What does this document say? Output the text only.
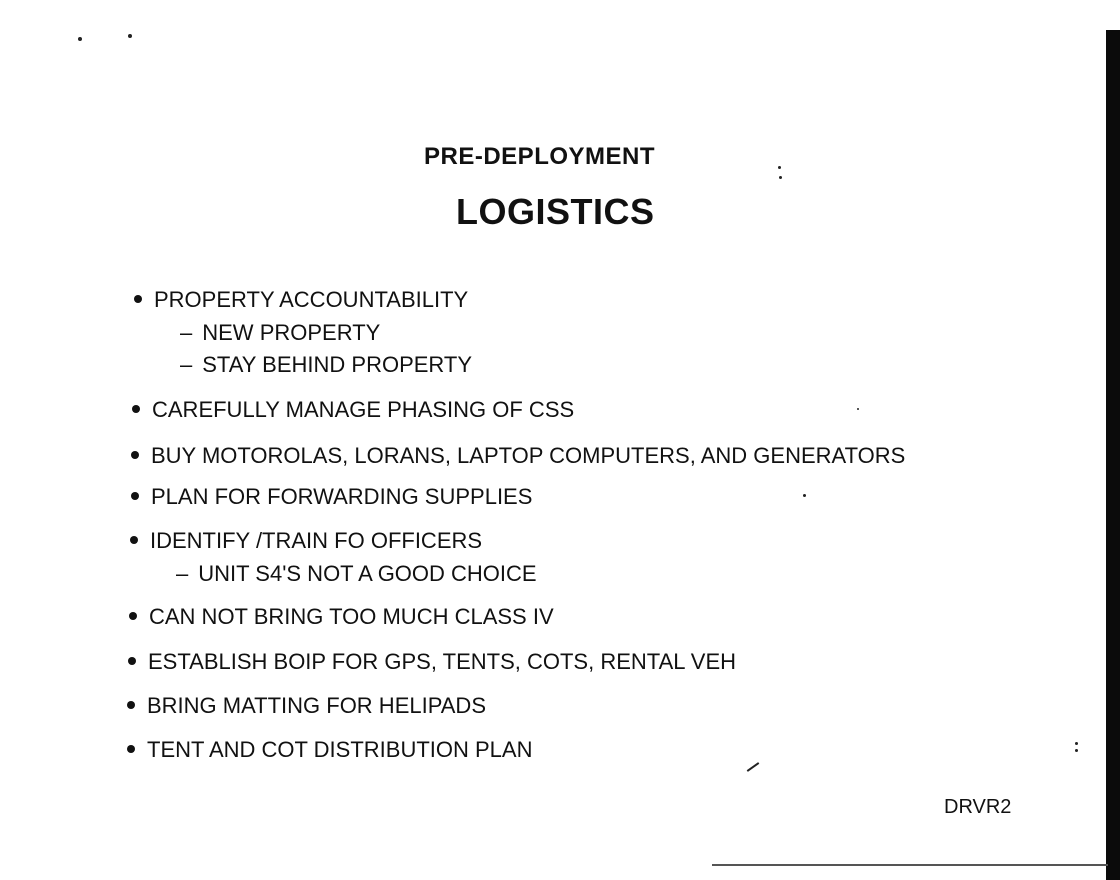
PRE-DEPLOYMENT
LOGISTICS
PROPERTY ACCOUNTABILITY
– NEW PROPERTY
– STAY BEHIND PROPERTY
CAREFULLY MANAGE PHASING OF CSS
BUY MOTOROLAS, LORANS, LAPTOP COMPUTERS, AND GENERATORS
PLAN FOR FORWARDING SUPPLIES
IDENTIFY /TRAIN FO OFFICERS
– UNIT S4'S NOT A GOOD CHOICE
CAN NOT BRING TOO MUCH CLASS IV
ESTABLISH BOIP FOR GPS, TENTS, COTS, RENTAL VEH
BRING MATTING FOR HELIPADS
TENT AND COT DISTRIBUTION PLAN
DRVR2
